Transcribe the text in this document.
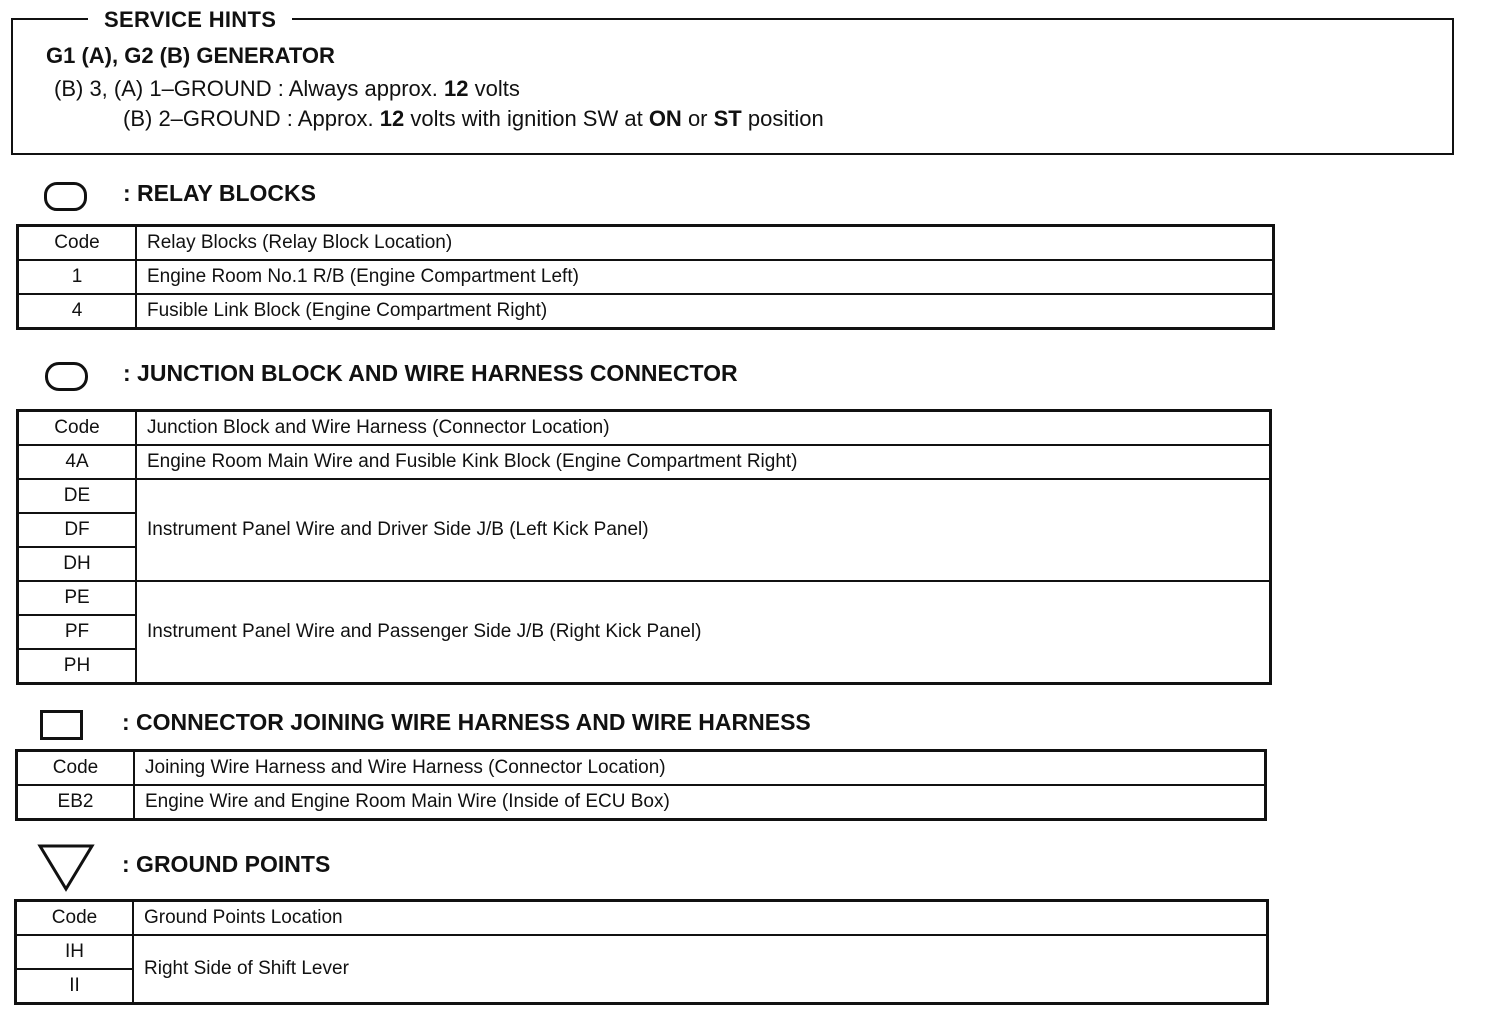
SERVICE HINTS
G1 (A), G2 (B) GENERATOR
(B) 3, (A) 1–GROUND : Always approx. 12 volts
(B) 2–GROUND : Approx. 12 volts with ignition SW at ON or ST position
: RELAY BLOCKS
Code	Relay Blocks (Relay Block Location)
1	Engine Room No.1 R/B (Engine Compartment Left)
4	Fusible Link Block (Engine Compartment Right)
: JUNCTION BLOCK AND WIRE HARNESS CONNECTOR
Code	Junction Block and Wire Harness (Connector Location)
4A	Engine Room Main Wire and Fusible Kink Block (Engine Compartment Right)
DE	Instrument Panel Wire and Driver Side J/B (Left Kick Panel)
DF	
DH	
PE	Instrument Panel Wire and Passenger Side J/B (Right Kick Panel)
PF	
PH	
: CONNECTOR JOINING WIRE HARNESS AND WIRE HARNESS
Code	Joining Wire Harness and Wire Harness (Connector Location)
EB2	Engine Wire and Engine Room Main Wire (Inside of ECU Box)
: GROUND POINTS
Code	Ground Points Location
IH	Right Side of Shift Lever
II	
